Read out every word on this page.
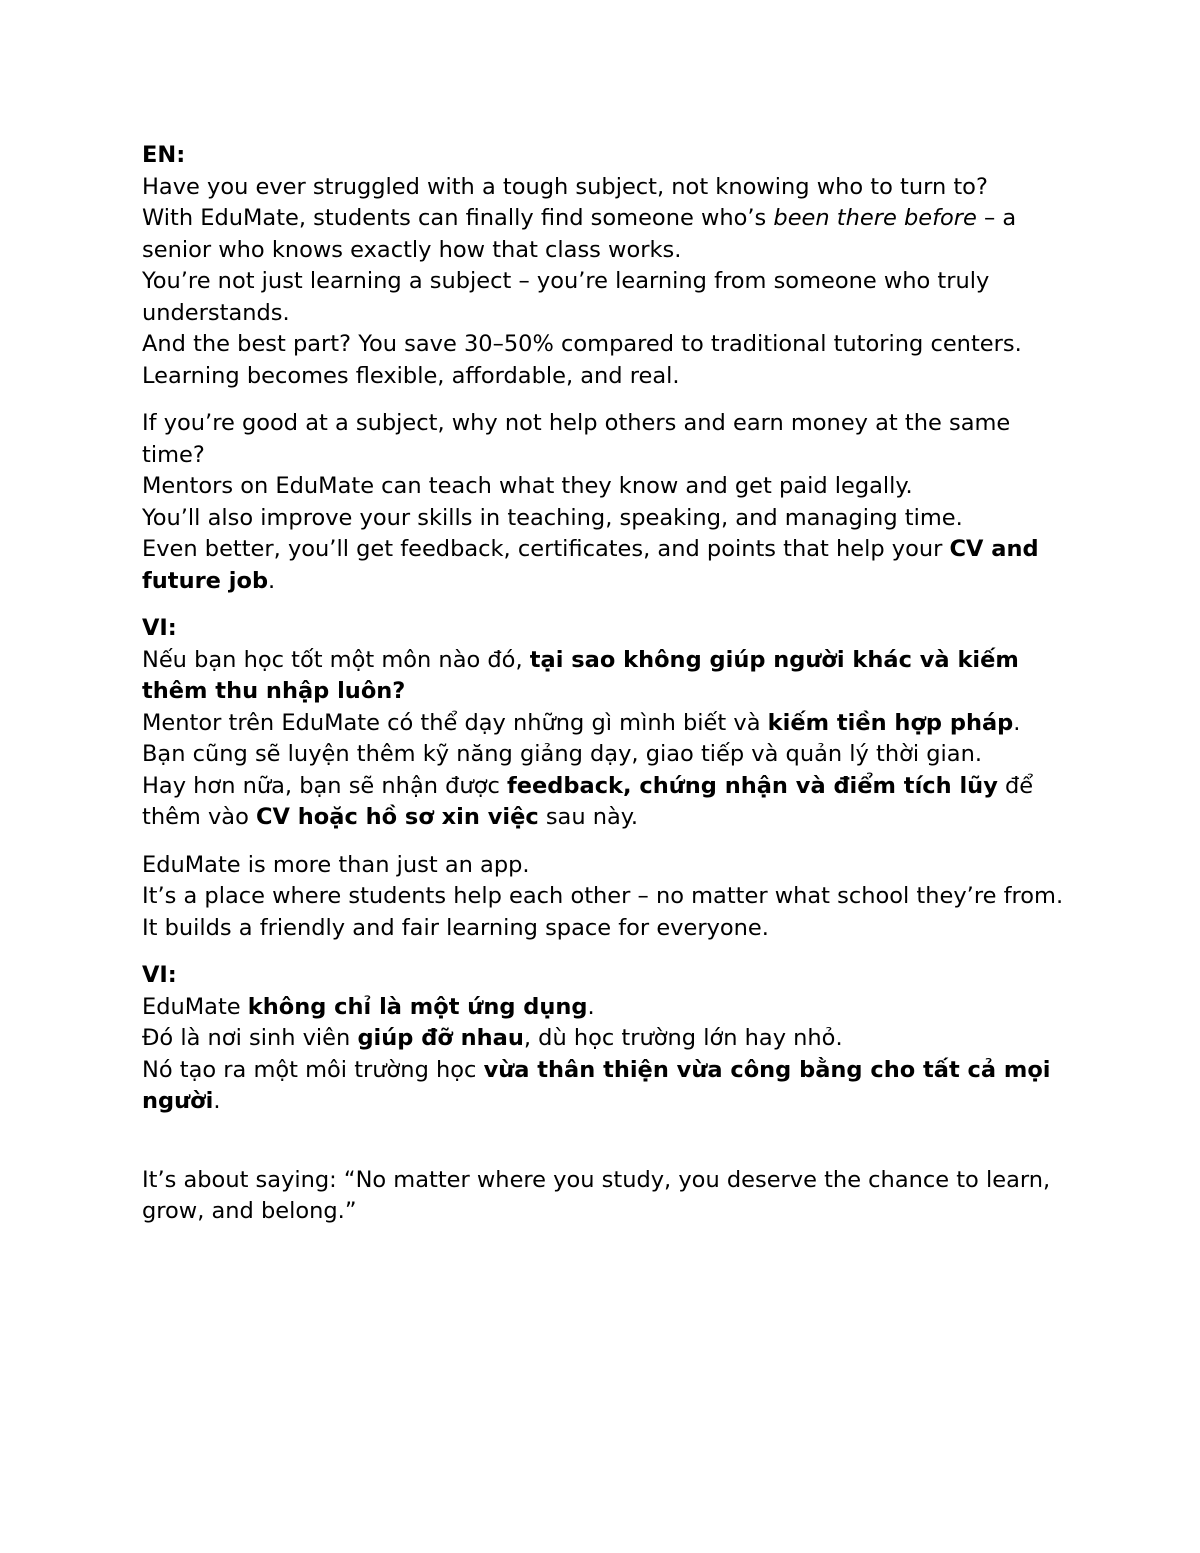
EN:

Have you ever struggled with a tough subject, not knowing who to turn to?

With EduMate, students can finally find someone who’s been there before – a senior who knows exactly how that class works.

You’re not just learning a subject – you’re learning from someone who truly understands.

And the best part? You save 30–50% compared to traditional tutoring centers.

Learning becomes flexible, affordable, and real.

If you’re good at a subject, why not help others and earn money at the same time?

Mentors on EduMate can teach what they know and get paid legally.

You’ll also improve your skills in teaching, speaking, and managing time.

Even better, you’ll get feedback, certificates, and points that help your CV and future job.

VI:

Nếu bạn học tốt một môn nào đó, tại sao không giúp người khác và kiếm thêm thu nhập luôn?

Mentor trên EduMate có thể dạy những gì mình biết và kiếm tiền hợp pháp.

Bạn cũng sẽ luyện thêm kỹ năng giảng dạy, giao tiếp và quản lý thời gian.

Hay hơn nữa, bạn sẽ nhận được feedback, chứng nhận và điểm tích lũy để thêm vào CV hoặc hồ sơ xin việc sau này.

EduMate is more than just an app.

It’s a place where students help each other – no matter what school they’re from.

It builds a friendly and fair learning space for everyone.

VI:

EduMate không chỉ là một ứng dụng.

Đó là nơi sinh viên giúp đỡ nhau, dù học trường lớn hay nhỏ.

Nó tạo ra một môi trường học vừa thân thiện vừa công bằng cho tất cả mọi người.

It’s about saying: “No matter where you study, you deserve the chance to learn, grow, and belong.”
